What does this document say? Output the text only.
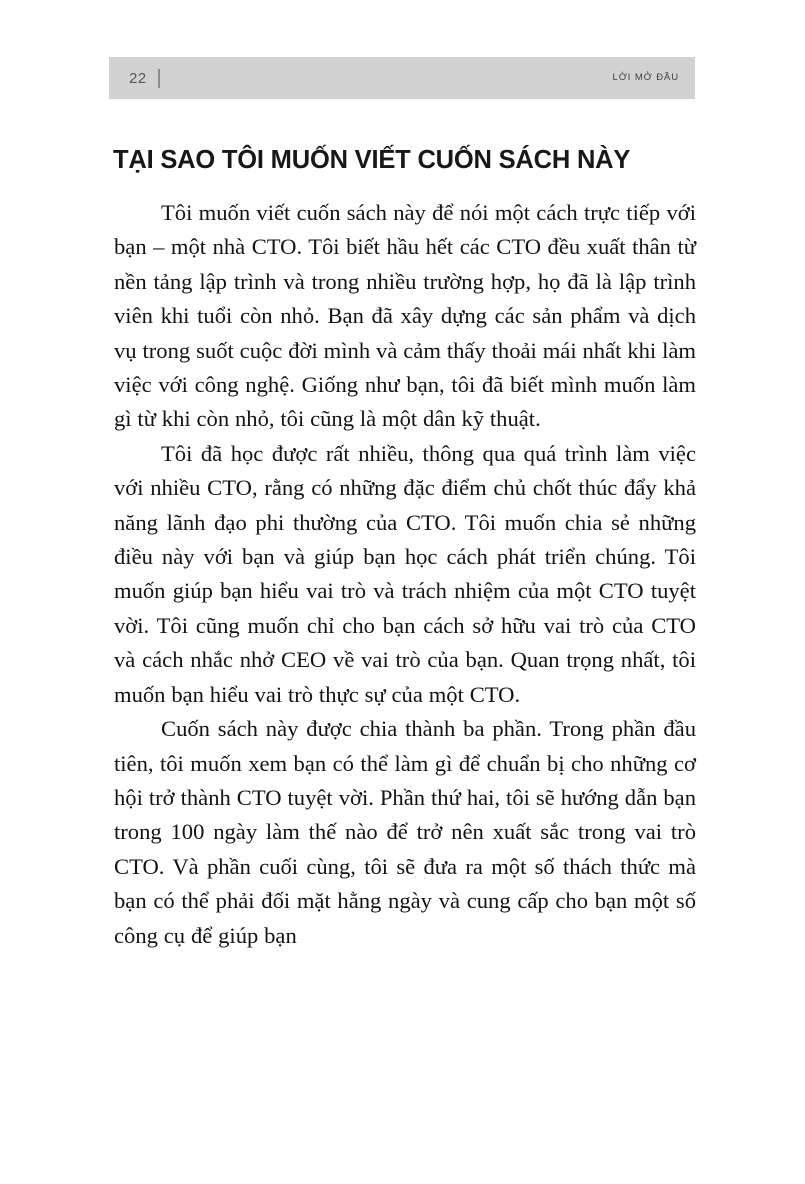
22	LỜI MỞ ĐẦU
TẠI SAO TÔI MUỐN VIẾT CUỐN SÁCH NÀY

Tôi muốn viết cuốn sách này để nói một cách trực tiếp với bạn – một nhà CTO. Tôi biết hầu hết các CTO đều xuất thân từ nền tảng lập trình và trong nhiều trường hợp, họ đã là lập trình viên khi tuổi còn nhỏ. Bạn đã xây dựng các sản phẩm và dịch vụ trong suốt cuộc đời mình và cảm thấy thoải mái nhất khi làm việc với công nghệ. Giống như bạn, tôi đã biết mình muốn làm gì từ khi còn nhỏ, tôi cũng là một dân kỹ thuật.

Tôi đã học được rất nhiều, thông qua quá trình làm việc với nhiều CTO, rằng có những đặc điểm chủ chốt thúc đẩy khả năng lãnh đạo phi thường của CTO. Tôi muốn chia sẻ những điều này với bạn và giúp bạn học cách phát triển chúng. Tôi muốn giúp bạn hiểu vai trò và trách nhiệm của một CTO tuyệt vời. Tôi cũng muốn chỉ cho bạn cách sở hữu vai trò của CTO và cách nhắc nhở CEO về vai trò của bạn. Quan trọng nhất, tôi muốn bạn hiểu vai trò thực sự của một CTO.

Cuốn sách này được chia thành ba phần. Trong phần đầu tiên, tôi muốn xem bạn có thể làm gì để chuẩn bị cho những cơ hội trở thành CTO tuyệt vời. Phần thứ hai, tôi sẽ hướng dẫn bạn trong 100 ngày làm thế nào để trở nên xuất sắc trong vai trò CTO. Và phần cuối cùng, tôi sẽ đưa ra một số thách thức mà bạn có thể phải đối mặt hằng ngày và cung cấp cho bạn một số công cụ để giúp bạn
